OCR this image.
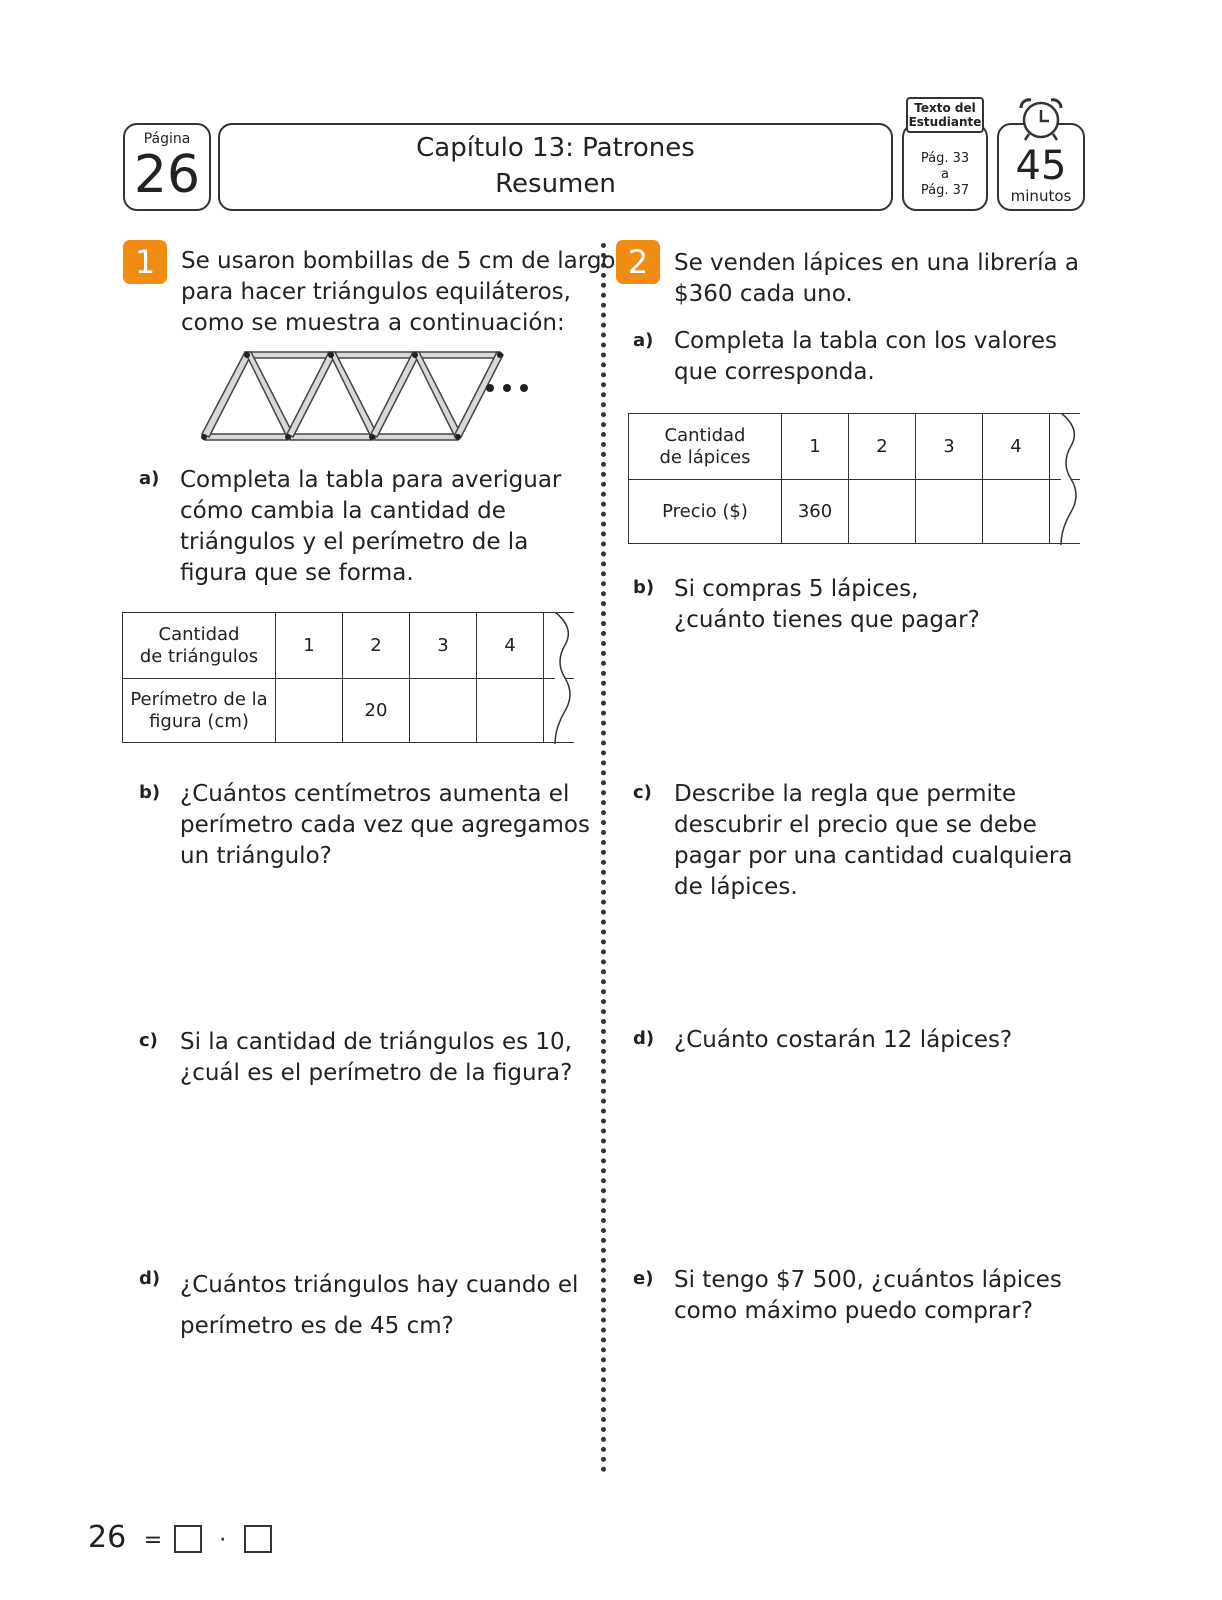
Página
26	Capítulo 13: Patrones
Resumen
Pág. 33
a
Pág. 37
Texto del
Estudiante
45
minutos
1	Se usaron bombillas de 5 cm de largo
para hacer triángulos equiláteros,
como se muestra a continuación:
a) Completa la tabla para averiguar
cómo cambia la cantidad de
triángulos y el perímetro de la
figura que se forma.
Cantidad
de triángulos	1	2	3	4	

Perímetro de la
figura (cm)		20			
b) ¿Cuántos centímetros aumenta el
perímetro cada vez que agregamos
un triángulo?
c) Si la cantidad de triángulos es 10,
¿cuál es el perímetro de la figura?
d) ¿Cuántos triángulos hay cuando el
perímetro es de 45 cm?
2	Se venden lápices en una librería a
$360 cada uno.
a) Completa la tabla con los valores
que corresponda.
Cantidad
de lápices	1	2	3	4	
Precio ($)	360				
b) Si compras 5 lápices,
¿cuánto tienes que pagar?
c) Describe la regla que permite
descubrir el precio que se debe
pagar por una cantidad cualquiera
de lápices.
d) ¿Cuánto costarán 12 lápices?
e) Si tengo $7 500, ¿cuántos lápices
como máximo puedo comprar?
26 =	·
